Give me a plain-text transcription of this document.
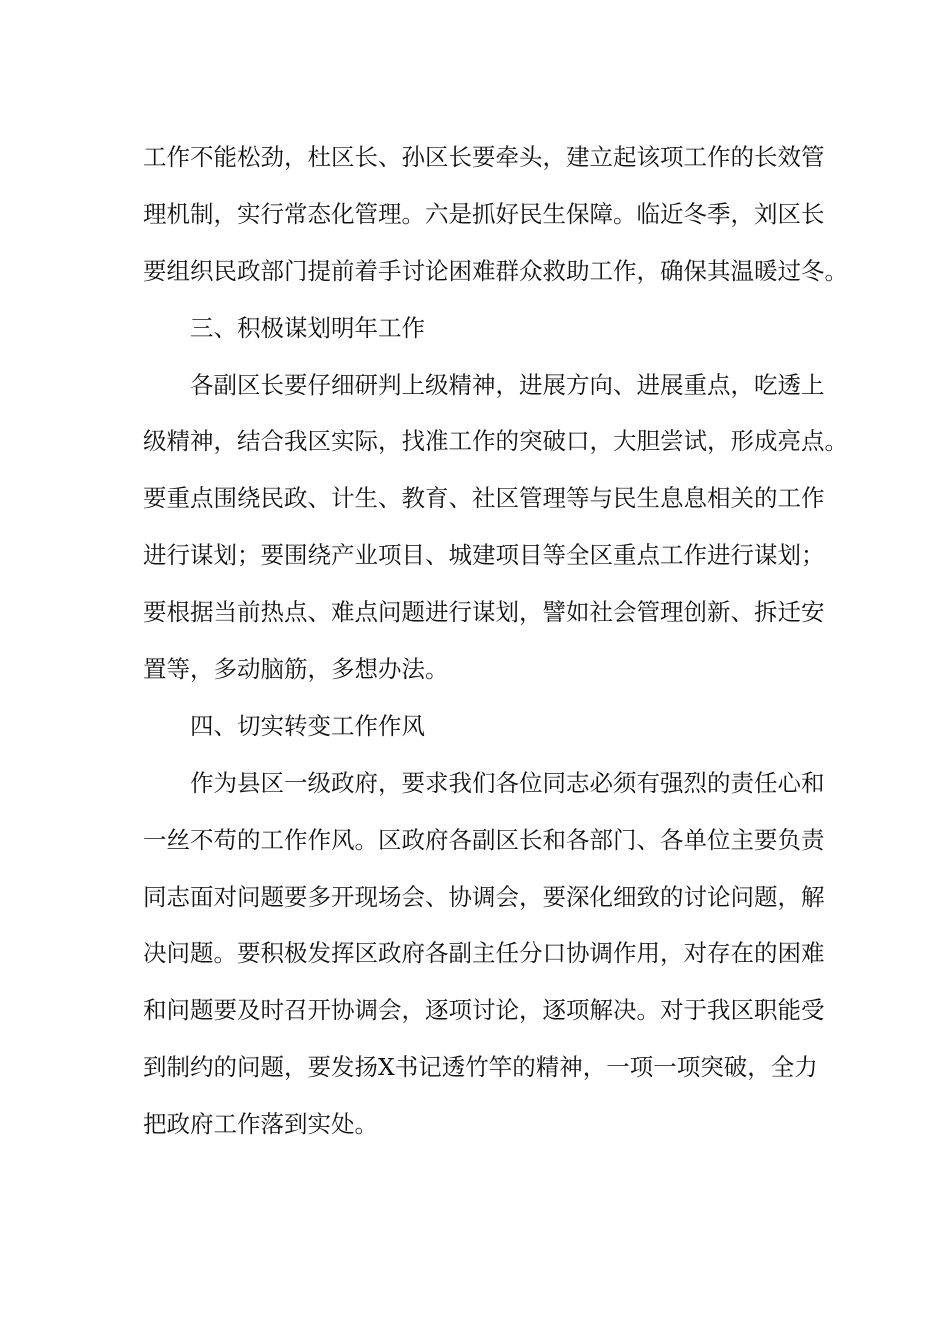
工作不能松劲，杜区长、孙区长要牵头，建立起该项工作的长效管
理机制，实行常态化管理。六是抓好民生保障。临近冬季，刘区长
要组织民政部门提前着手讨论困难群众救助工作，确保其温暖过冬。
三、积极谋划明年工作
各副区长要仔细研判上级精神，进展方向、进展重点，吃透上
级精神，结合我区实际，找准工作的突破口，大胆尝试，形成亮点。
要重点围绕民政、计生、教育、社区管理等与民生息息相关的工作
进行谋划；要围绕产业项目、城建项目等全区重点工作进行谋划；
要根据当前热点、难点问题进行谋划，譬如社会管理创新、拆迁安
置等，多动脑筋，多想办法。
四、切实转变工作作风
作为县区一级政府，要求我们各位同志必须有强烈的责任心和
一丝不苟的工作作风。区政府各副区长和各部门、各单位主要负责
同志面对问题要多开现场会、协调会，要深化细致的讨论问题，解
决问题。要积极发挥区政府各副主任分口协调作用，对存在的困难
和问题要及时召开协调会，逐项讨论，逐项解决。对于我区职能受
到制约的问题，要发扬X书记透竹竿的精神，一项一项突破，全力
把政府工作落到实处。
